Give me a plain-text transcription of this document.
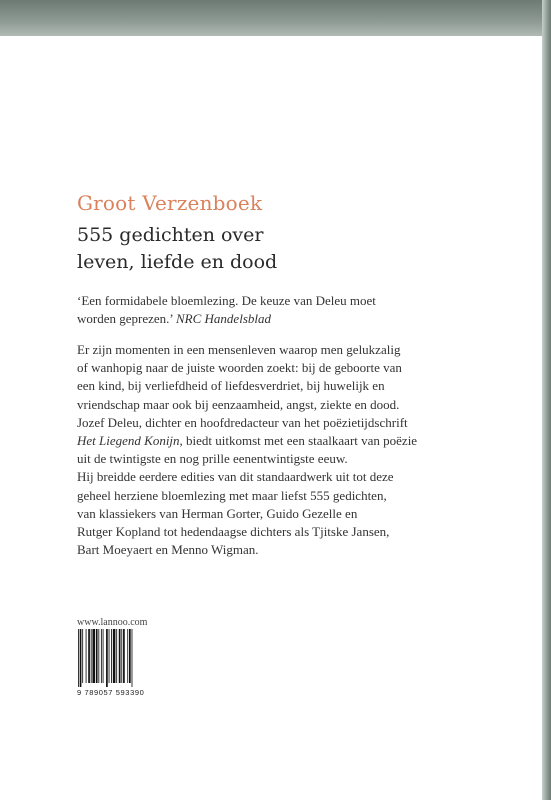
Groot Verzenboek
555 gedichten over
leven, liefde en dood
‘Een formidabele bloemlezing. De keuze van Deleu moet
worden geprezen.’ NRC Handelsblad
Er zijn momenten in een mensenleven waarop men gelukzalig
of wanhopig naar de juiste woorden zoekt: bij de geboorte van
een kind, bij verliefdheid of liefdesverdriet, bij huwelijk en
vriendschap maar ook bij eenzaamheid, angst, ziekte en dood.
Jozef Deleu, dichter en hoofdredacteur van het poëzietijdschrift
Het Liegend Konijn, biedt uitkomst met een staalkaart van poëzie
uit de twintigste en nog prille eenentwintigste eeuw.
Hij breidde eerdere edities van dit standaardwerk uit tot deze
geheel herziene bloemlezing met maar liefst 555 gedichten,
van klassiekers van Herman Gorter, Guido Gezelle en
Rutger Kopland tot hedendaagse dichters als Tjitske Jansen,
Bart Moeyaert en Menno Wigman.
www.lannoo.com
9 789057 593390
